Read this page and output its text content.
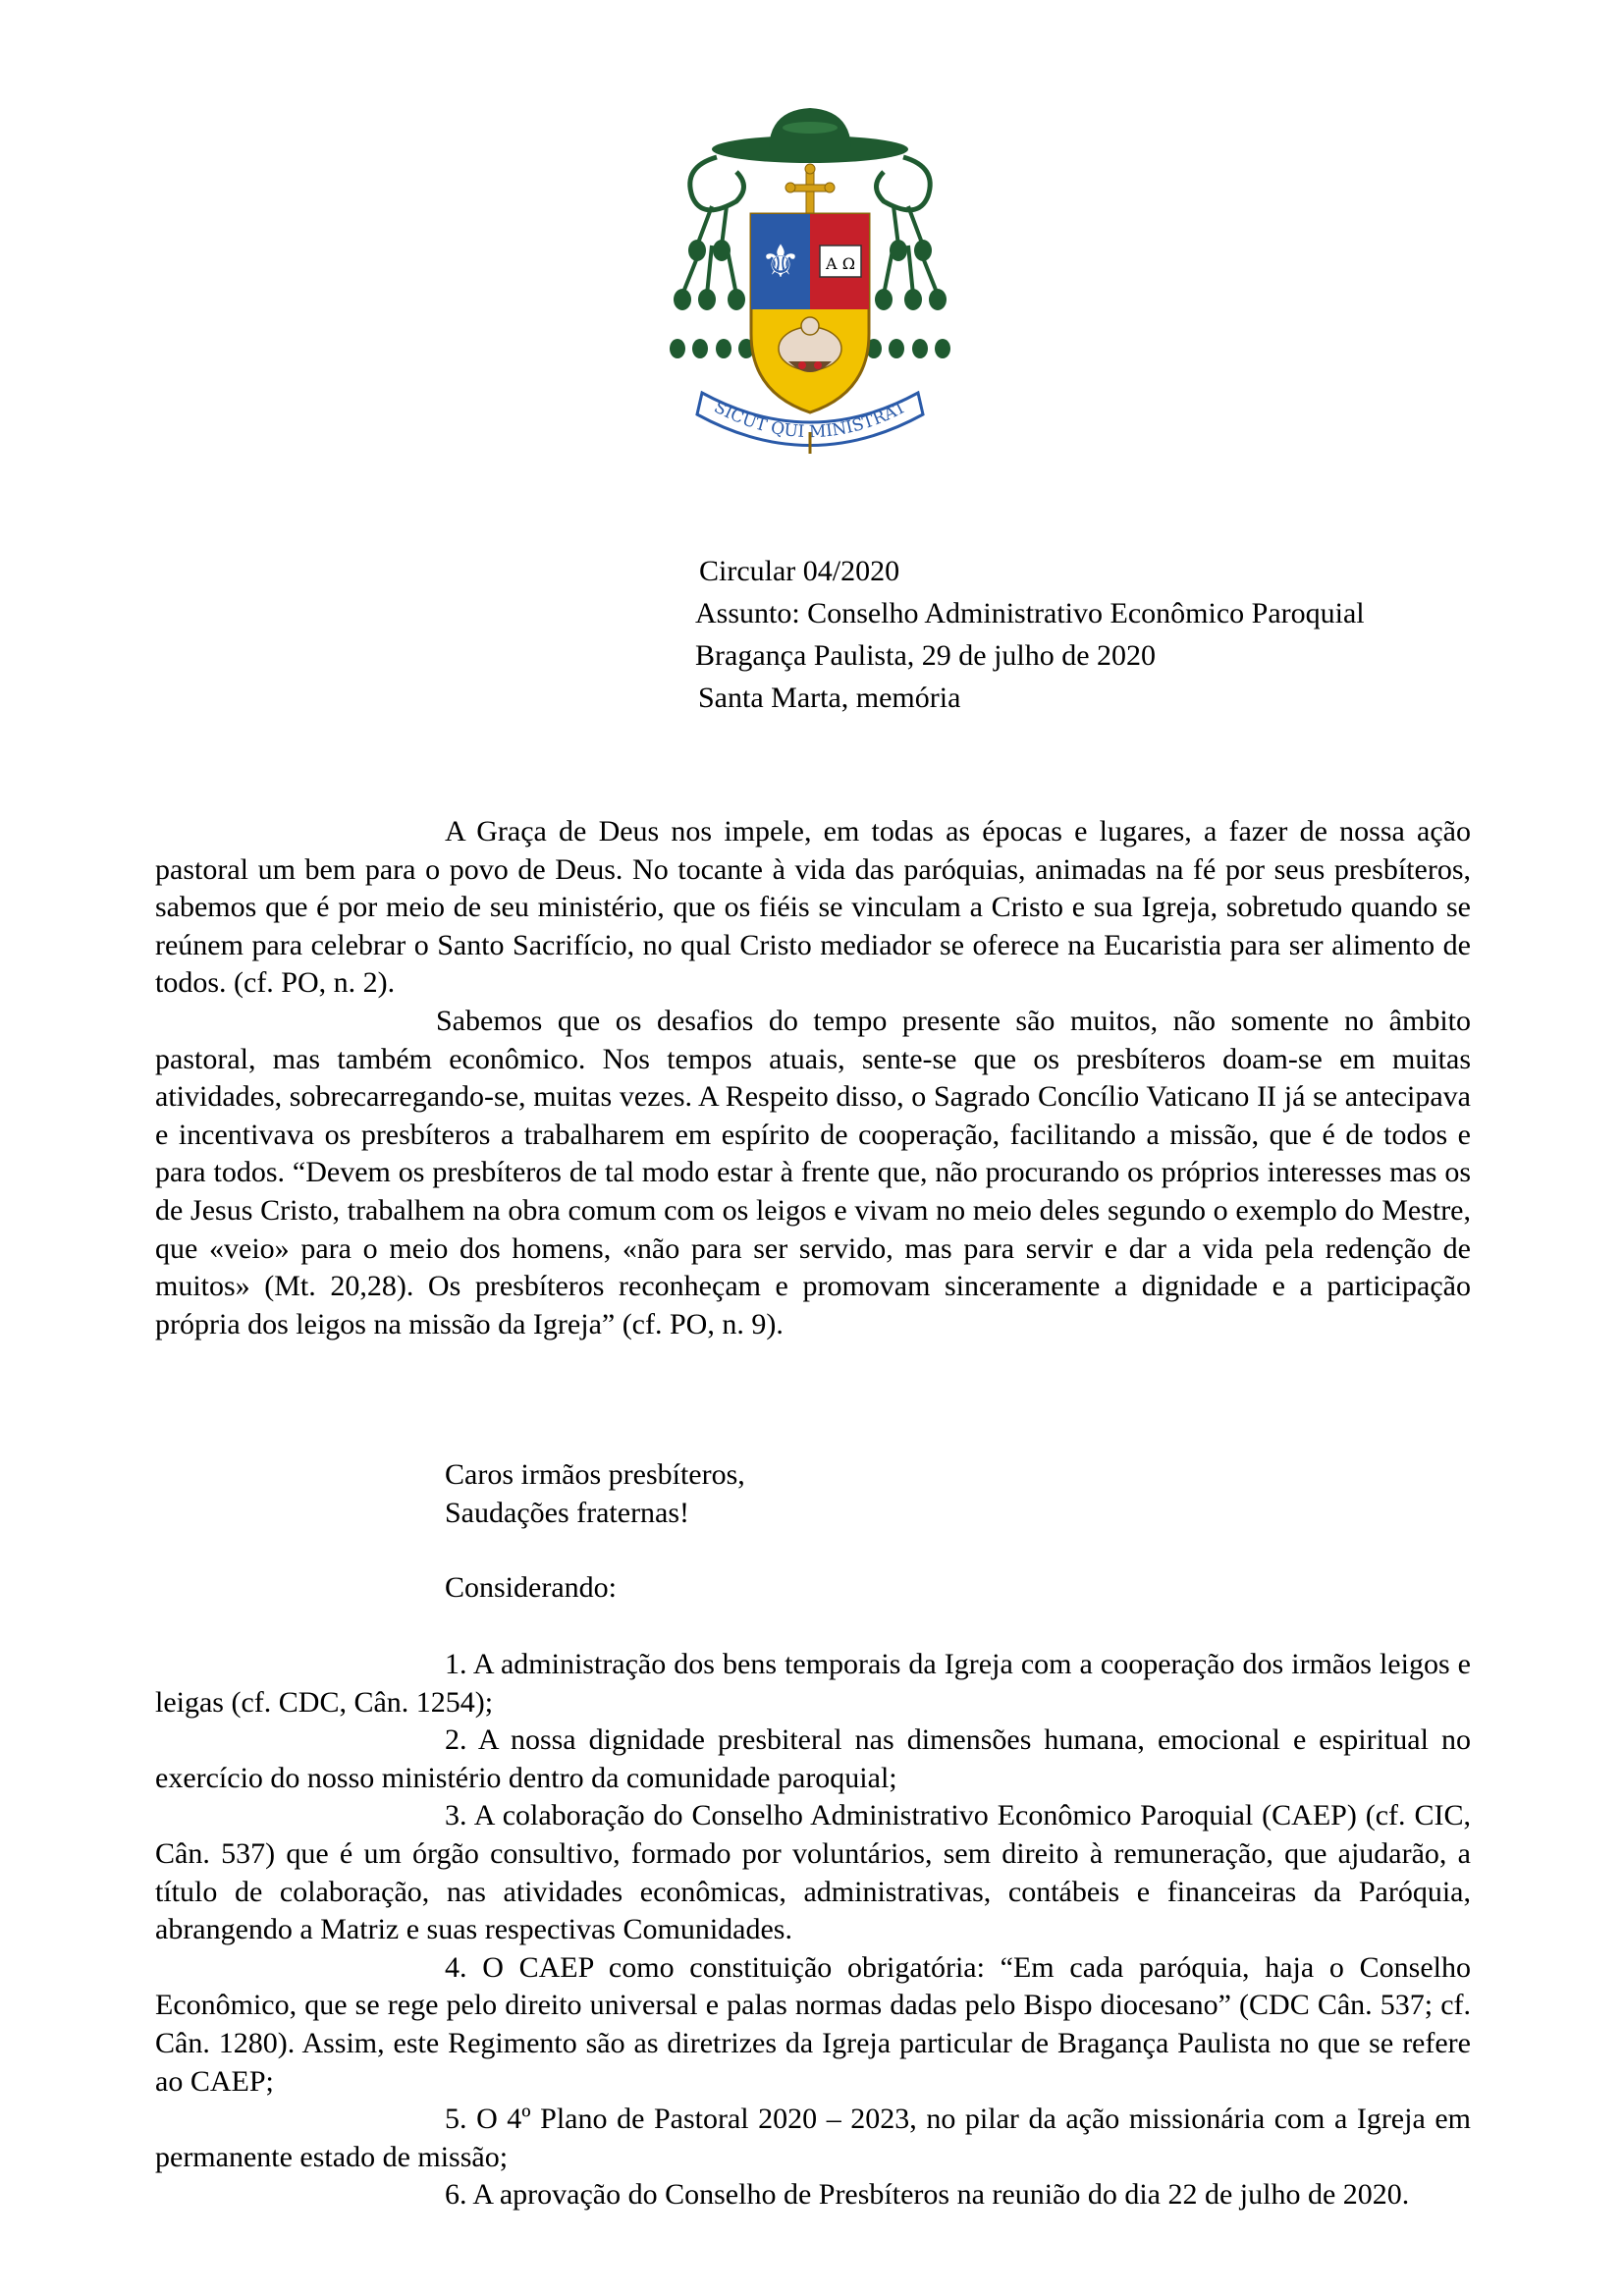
⚜ A Ω
SICUT QUI MINISTRAT
Circular 04/2020
Assunto: Conselho Administrativo Econômico Paroquial
Bragança Paulista, 29 de julho de 2020
Santa Marta, memória

A Graça de Deus nos impele, em todas as épocas e lugares, a fazer de nossa ação pastoral um bem para o povo de Deus. No tocante à vida das paróquias, animadas na fé por seus presbíteros, sabemos que é por meio de seu ministério, que os fiéis se vinculam a Cristo e sua Igreja, sobretudo quando se reúnem para celebrar o Santo Sacrifício, no qual Cristo mediador se oferece na Eucaristia para ser alimento de todos. (cf. PO, n. 2).

Sabemos que os desafios do tempo presente são muitos, não somente no âmbito pastoral, mas também econômico. Nos tempos atuais, sente-se que os presbíteros doam-se em muitas atividades, sobrecarregando-se, muitas vezes. A Respeito disso, o Sagrado Concílio Vaticano II já se antecipava e incentivava os presbíteros a trabalharem em espírito de cooperação, facilitando a missão, que é de todos e para todos. “Devem os presbíteros de tal modo estar à frente que, não procurando os próprios interesses mas os de Jesus Cristo, trabalhem na obra comum com os leigos e vivam no meio deles segundo o exemplo do Mestre, que «veio» para o meio dos homens, «não para ser servido, mas para servir e dar a vida pela redenção de muitos» (Mt. 20,28). Os presbíteros reconheçam e promovam sinceramente a dignidade e a participação própria dos leigos na missão da Igreja” (cf. PO, n. 9).

Caros irmãos presbíteros,
Saudações fraternas!
Considerando:

1. A administração dos bens temporais da Igreja com a cooperação dos irmãos leigos e leigas (cf. CDC, Cân. 1254);

2. A nossa dignidade presbiteral nas dimensões humana, emocional e espiritual no exercício do nosso ministério dentro da comunidade paroquial;

3. A colaboração do Conselho Administrativo Econômico Paroquial (CAEP) (cf. CIC, Cân. 537) que é um órgão consultivo, formado por voluntários, sem direito à remuneração, que ajudarão, a título de colaboração, nas atividades econômicas, administrativas, contábeis e financeiras da Paróquia, abrangendo a Matriz e suas respectivas Comunidades.

4. O CAEP como constituição obrigatória: “Em cada paróquia, haja o Conselho Econômico, que se rege pelo direito universal e palas normas dadas pelo Bispo diocesano” (CDC Cân. 537; cf. Cân. 1280). Assim, este Regimento são as diretrizes da Igreja particular de Bragança Paulista no que se refere ao CAEP;

5. O 4º Plano de Pastoral 2020 – 2023, no pilar da ação missionária com a Igreja em permanente estado de missão;

6. A aprovação do Conselho de Presbíteros na reunião do dia 22 de julho de 2020.
